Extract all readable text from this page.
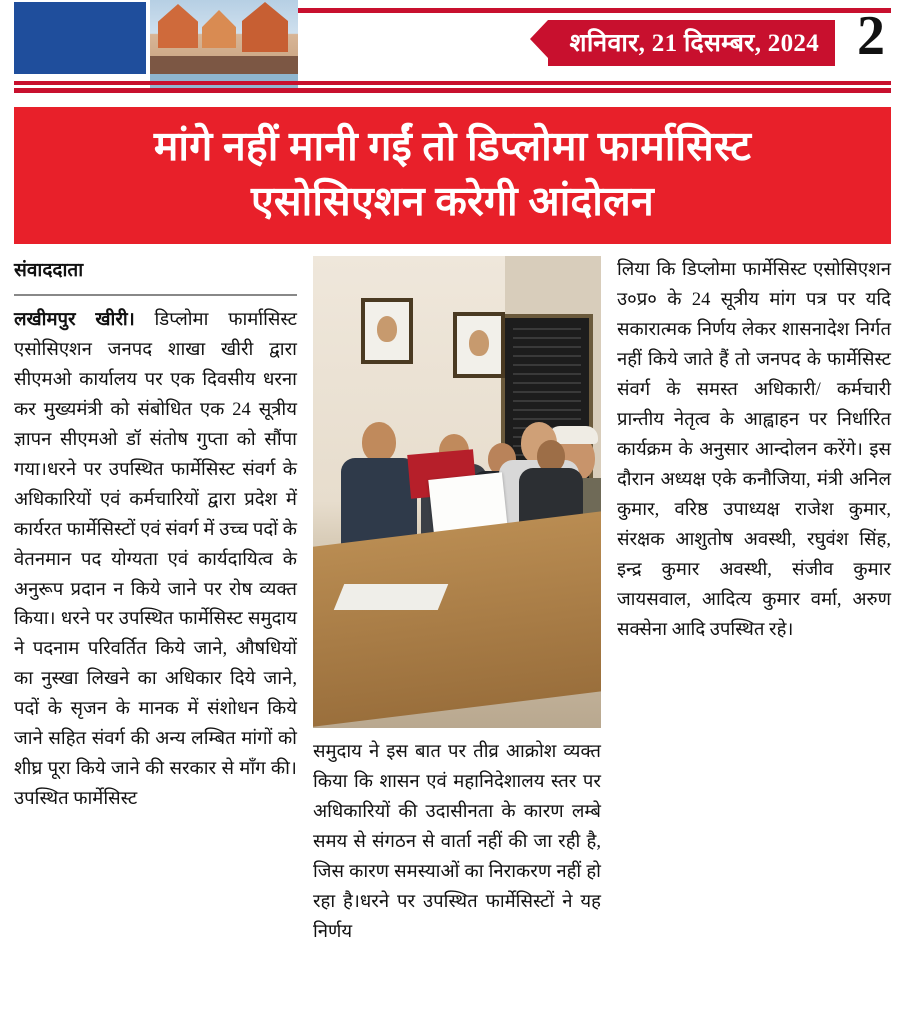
शनिवार, 21 दिसम्बर, 2024 2
मांगे नहीं मानी गईं तो डिप्लोमा फार्मासिस्ट
एसोसिएशन करेगी आंदोलन
संवाददाता
लखीमपुर खीरी। डिप्लोमा फार्मासिस्ट एसोसिएशन जनपद शाखा खीरी द्वारा सीएमओ कार्यालय पर एक दिवसीय धरना कर मुख्यमंत्री को संबोधित एक 24 सूत्रीय ज्ञापन सीएमओ डॉ संतोष गुप्ता को सौंपा गया।धरने पर उपस्थित फार्मेसिस्ट संवर्ग के अधिकारियों एवं कर्मचारियों द्वारा प्रदेश में कार्यरत फार्मेसिस्टों एवं संवर्ग में उच्च पदों के वेतनमान पद योग्यता एवं कार्यदायित्व के अनुरूप प्रदान न किये जाने पर रोष व्यक्त किया। धरने पर उपस्थित फार्मेसिस्ट समुदाय ने पदनाम परिवर्तित किये जाने, औषधियों का नुस्खा लिखने का अधिकार दिये जाने, पदों के सृजन के मानक में संशोधन किये जाने सहित संवर्ग की अन्य लम्बित मांगों को शीघ्र पूरा किये जाने की सरकार से माँग की। उपस्थित फार्मेसिस्ट
समुदाय ने इस बात पर तीव्र आक्रोश व्यक्त किया कि शासन एवं महानिदेशालय स्तर पर अधिकारियों की उदासीनता के कारण लम्बे समय से संगठन से वार्ता नहीं की जा रही है, जिस कारण समस्याओं का निराकरण नहीं हो रहा है।धरने पर उपस्थित फार्मेसिस्टों ने यह निर्णय
लिया कि डिप्लोमा फार्मेसिस्ट एसोसिएशन उ०प्र० के 24 सूत्रीय मांग पत्र पर यदि सकारात्मक निर्णय लेकर शासनादेश निर्गत नहीं किये जाते हैं तो जनपद के फार्मेसिस्ट संवर्ग के समस्त अधिकारी/ कर्मचारी प्रान्तीय नेतृत्व के आह्वाहन पर निर्धारित कार्यक्रम के अनुसार आन्दोलन करेंगे। इस दौरान अध्यक्ष एके कनौजिया, मंत्री अनिल कुमार, वरिष्ठ उपाध्यक्ष राजेश कुमार, संरक्षक आशुतोष अवस्थी, रघुवंश सिंह, इन्द्र कुमार अवस्थी, संजीव कुमार जायसवाल, आदित्य कुमार वर्मा, अरुण सक्सेना आदि उपस्थित रहे।
